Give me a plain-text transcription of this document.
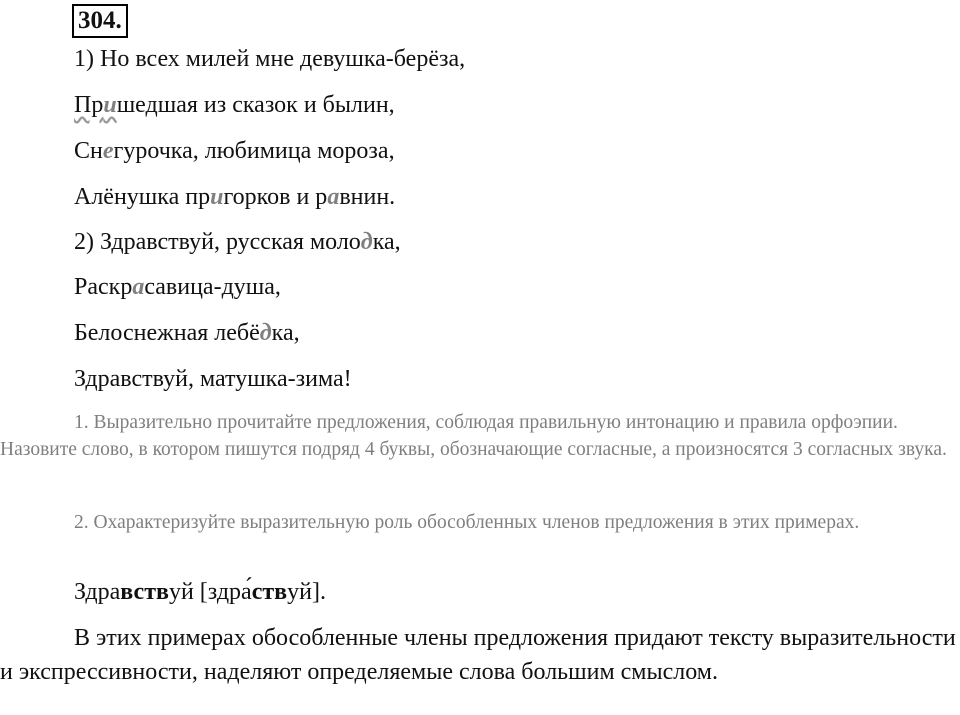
304.
1) Но всех милей мне девушка-берёза,
Пришедшая из сказок и былин,
Снегурочка, любимица мороза,
Алёнушка пригорков и равнин.
2) Здравствуй, русская молодка,
Раскрасавица-душа,
Белоснежная лебёдка,
Здравствуй, матушка-зима!
1. Выразительно прочитайте предложения, соблюдая правильную интонацию и правила орфоэпии. Назовите слово, в котором пишутся подряд 4 буквы, обозначающие согласные, а произносятся 3 согласных звука.
2. Охарактеризуйте выразительную роль обособленных членов предложения в этих примерах.
Здравствуй [здраствуй].
В этих примерах обособленные члены предложения придают тексту выразительности и экспрессивности, наделяют определяемые слова большим смыслом.
